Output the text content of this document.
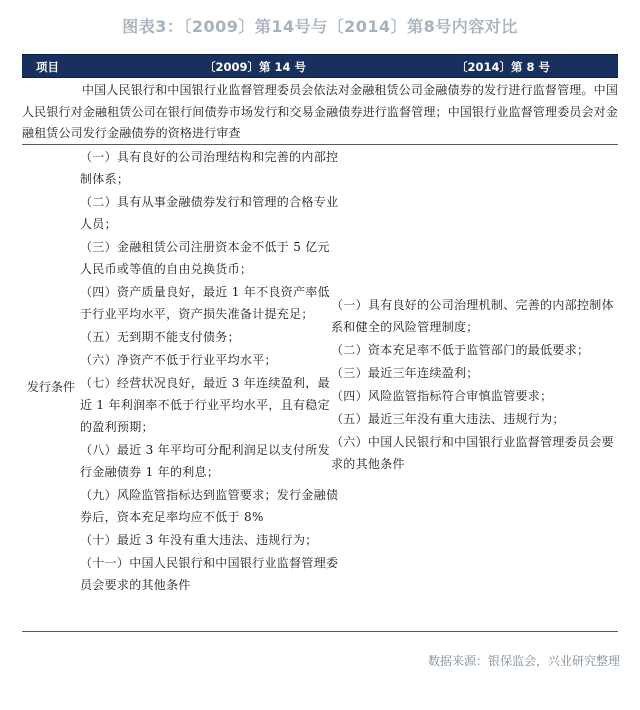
图表3：〔2009〕第14号与〔2014〕第8号内容对比
项目	〔2009〕第 14 号	〔2014〕第 8 号
中国人民银行和中国银行业监督管理委员会依法对金融租赁公司金融债券的发行进行监督管理。中国人民银行对金融租赁公司在银行间债券市场发行和交易金融债券进行监督管理；中国银行业监督管理委员会对金融租赁公司发行金融债券的资格进行审查
发行条件
（一）具有良好的公司治理结构和完善的内部控制体系；
（二）具有从事金融债券发行和管理的合格专业人员；
（三）金融租赁公司注册资本金不低于 5 亿元人民币或等值的自由兑换货币；
（四）资产质量良好，最近 1 年不良资产率低于行业平均水平，资产损失准备计提充足；
（五）无到期不能支付债务；
（六）净资产不低于行业平均水平；
（七）经营状况良好，最近 3 年连续盈利，最近 1 年利润率不低于行业平均水平，且有稳定的盈利预期；
（八）最近 3 年平均可分配利润足以支付所发行金融债券 1 年的利息；
（九）风险监管指标达到监管要求；发行金融债券后，资本充足率均应不低于 8%
（十）最近 3 年没有重大违法、违规行为；
（十一）中国人民银行和中国银行业监督管理委员会要求的其他条件
（一）具有良好的公司治理机制、完善的内部控制体系和健全的风险管理制度；
（二）资本充足率不低于监管部门的最低要求；
（三）最近三年连续盈利；
（四）风险监管指标符合审慎监管要求；
（五）最近三年没有重大违法、违规行为；
（六）中国人民银行和中国银行业监督管理委员会要求的其他条件
数据来源：银保监会，兴业研究整理
